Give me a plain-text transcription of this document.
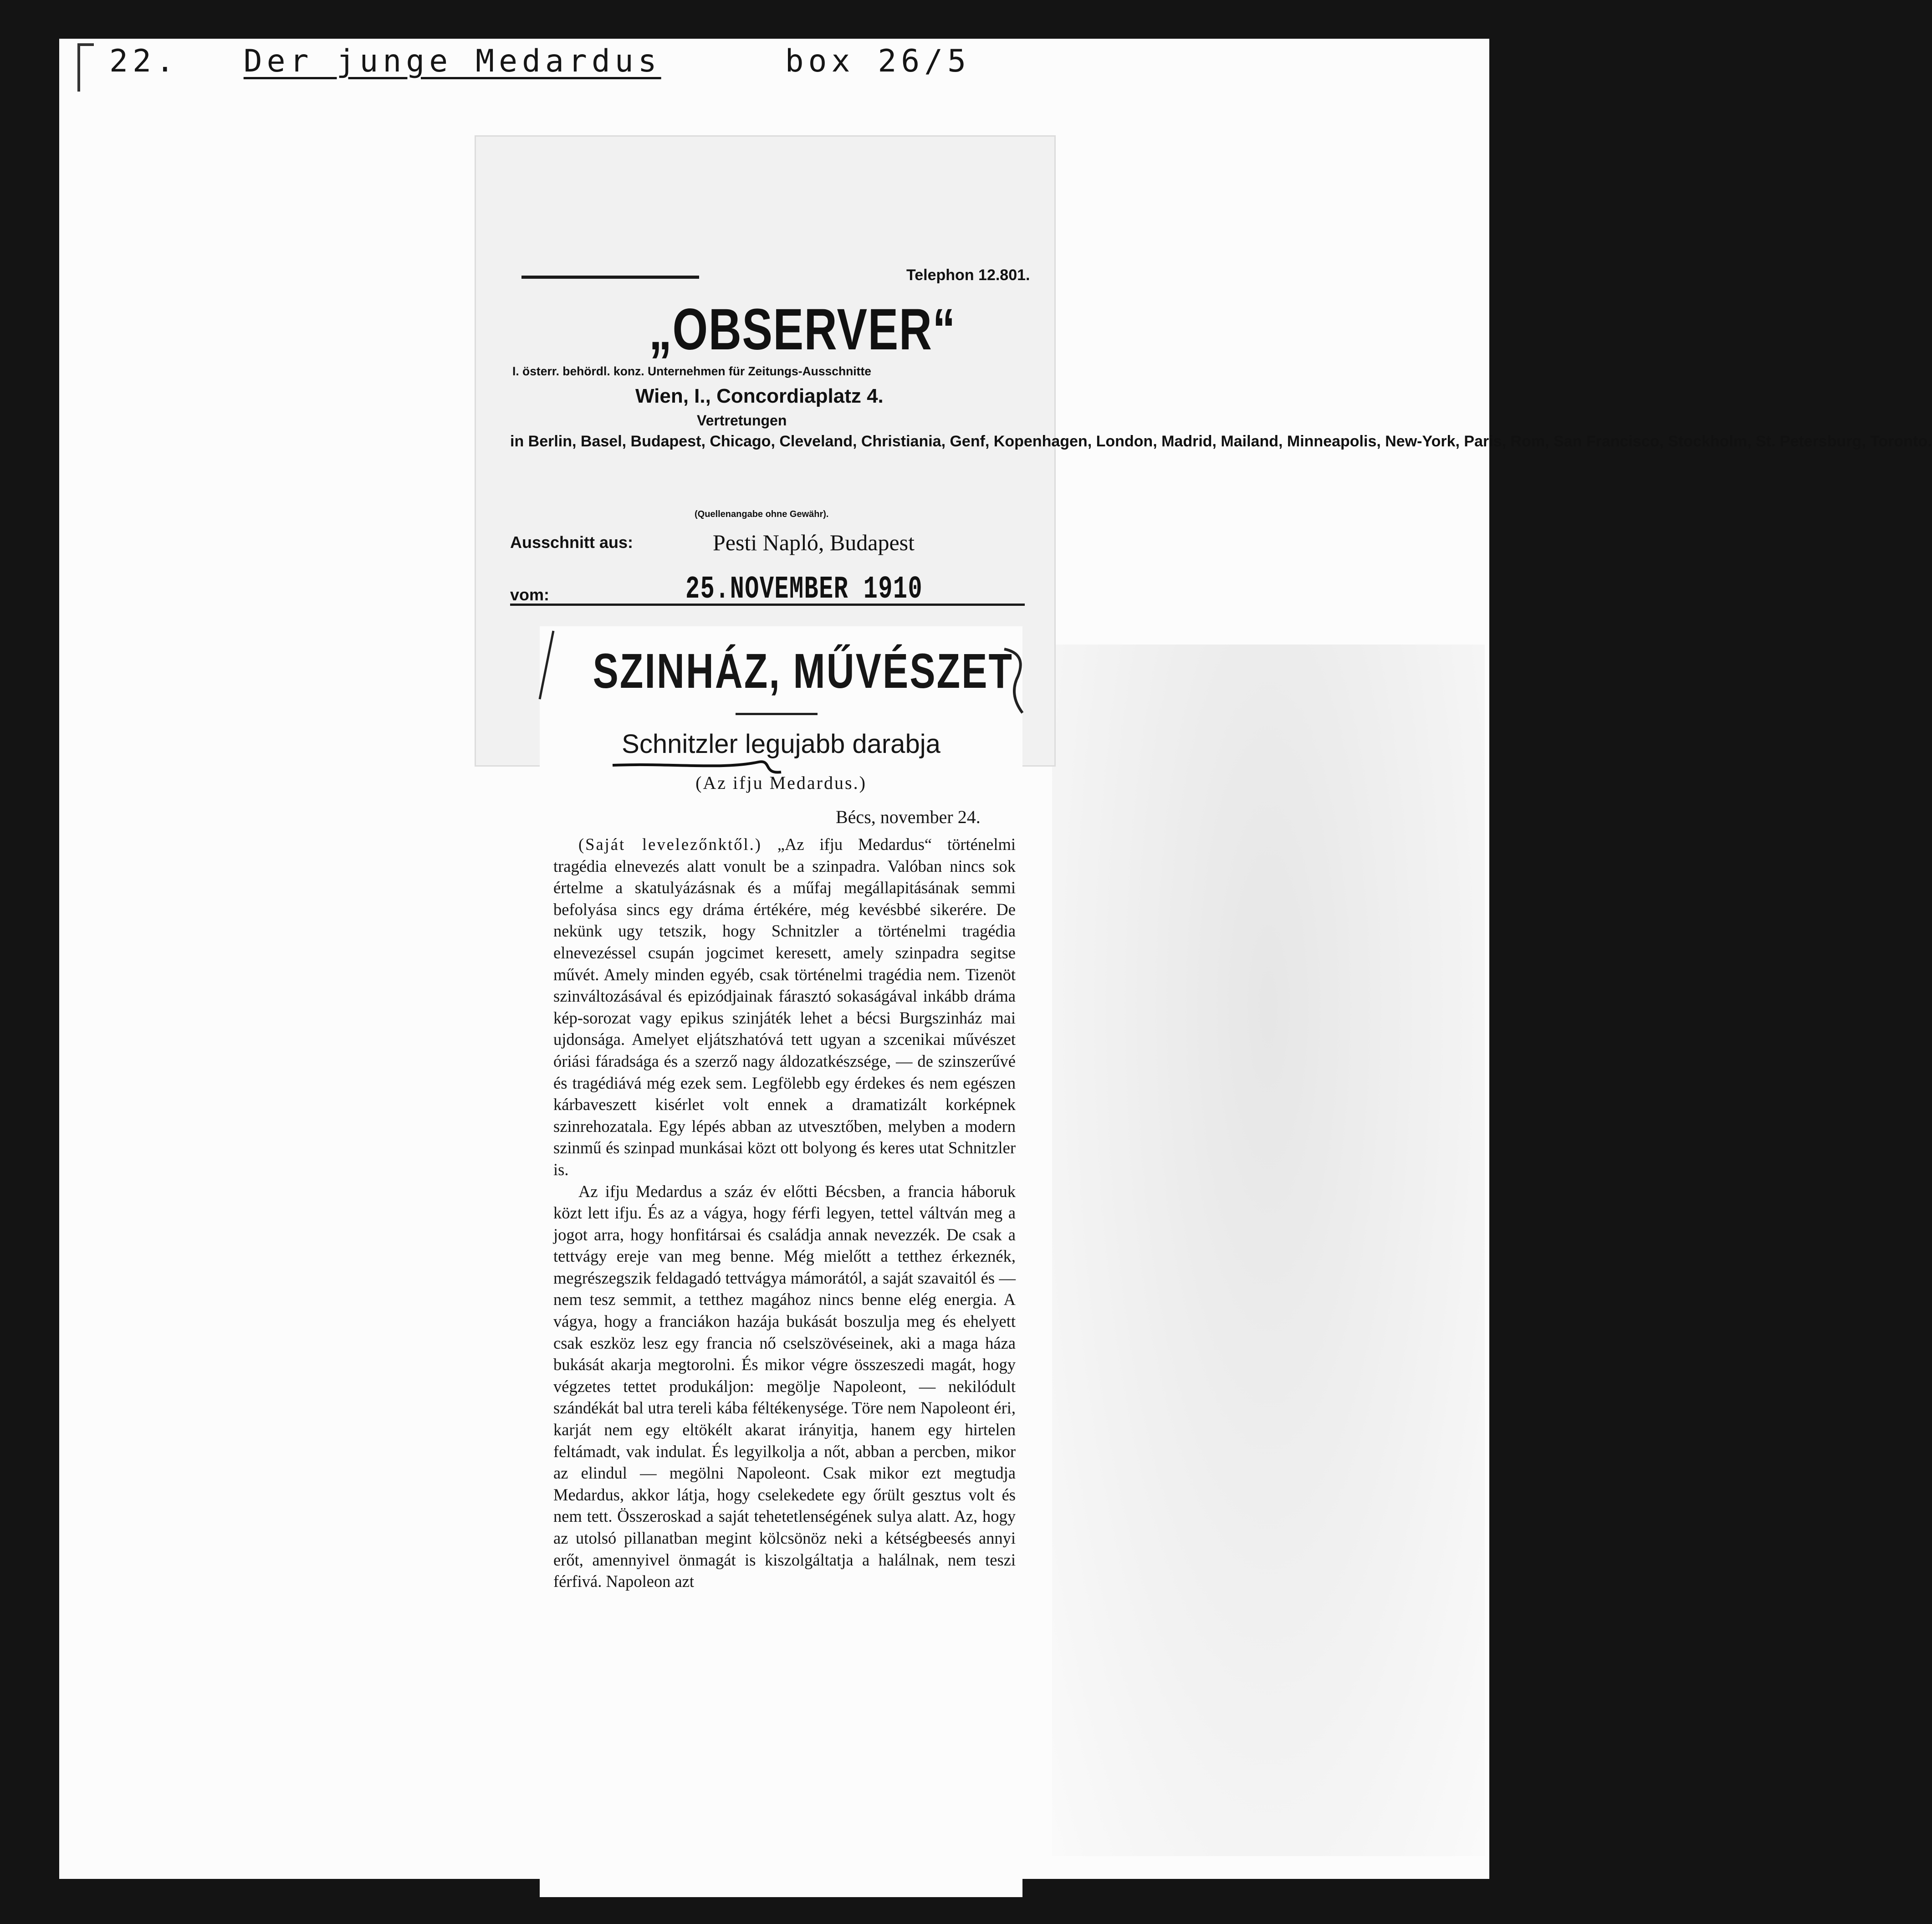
22. Der junge Medardus	box 26/5
Telephon 12.801.
„OBSERVER“
I. österr. behördl. konz. Unternehmen für Zeitungs-Ausschnitte
Wien, I., Concordiaplatz 4.
Vertretungen
in Berlin, Basel, Budapest, Chicago, Cleveland, Christiania, Genf, Kopenhagen, London, Madrid, Mailand, Minneapolis, New-York, Paris, Rom, San Francisco, Stockholm, St. Petersburg, Toronto.
(Quellenangabe ohne Gewähr).
Ausschnitt aus:	Pesti Napló, Budapest
vom:	25.NOVEMBER 1910
SZINHÁZ, MŰVÉSZET
Schnitzler legujabb darabja
(Az ifju Medardus.)
Bécs, november 24.

(Saját levelezőnktől.) „Az ifju Medardus“ történelmi tragédia elnevezés alatt vonult be a szinpadra. Valóban nincs sok értelme a skatulyázásnak és a műfaj megállapitásának semmi befolyása sincs egy dráma értékére, még kevésbbé sikerére. De nekünk ugy tetszik, hogy Schnitzler a történelmi tragédia elnevezéssel csupán jogcimet keresett, amely szinpadra segitse művét. Amely minden egyéb, csak történelmi tragédia nem. Tizenöt szinváltozásával és epizódjainak fárasztó sokaságával inkább dráma kép-sorozat vagy epikus szinjáték lehet a bécsi Burgszinház mai ujdonsága. Amelyet eljátszhatóvá tett ugyan a szcenikai művészet óriási fáradsága és a szerző nagy áldozatkészsége, — de szinszerűvé és tragédiává még ezek sem. Legfölebb egy érdekes és nem egészen kárbaveszett kisérlet volt ennek a dramatizált korképnek szinrehozatala. Egy lépés abban az utvesztőben, melyben a modern szinmű és szinpad munkásai közt ott bolyong és keres utat Schnitzler is.

Az ifju Medardus a száz év előtti Bécsben, a francia háboruk közt lett ifju. És az a vágya, hogy férfi legyen, tettel váltván meg a jogot arra, hogy honfitársai és családja annak nevezzék. De csak a tettvágy ereje van meg benne. Még mielőtt a tetthez érkeznék, megrészegszik feldagadó tettvágya mámorától, a saját szavaitól és — nem tesz semmit, a tetthez magához nincs benne elég energia. A vágya, hogy a franciákon hazája bukását boszulja meg és ehelyett csak eszköz lesz egy francia nő cselszövéseinek, aki a maga háza bukását akarja megtorolni. És mikor végre összeszedi magát, hogy végzetes tettet produkáljon: megölje Napoleont, — nekilódult szándékát bal utra tereli kába féltékenysége. Töre nem Napoleont éri, karját nem egy eltökélt akarat irányitja, hanem egy hirtelen feltámadt, vak indulat. És legyilkolja a nőt, abban a percben, mikor az elindul — megölni Napoleont. Csak mikor ezt megtudja Medardus, akkor látja, hogy cselekedete egy őrült gesztus volt és nem tett. Összeroskad a saját tehetetlenségének sulya alatt. Az, hogy az utolsó pillanatban megint kölcsönöz neki a kétségbeesés annyi erőt, amennyivel önmagát is kiszolgáltatja a halálnak, nem teszi férfivá. Napoleon azt
